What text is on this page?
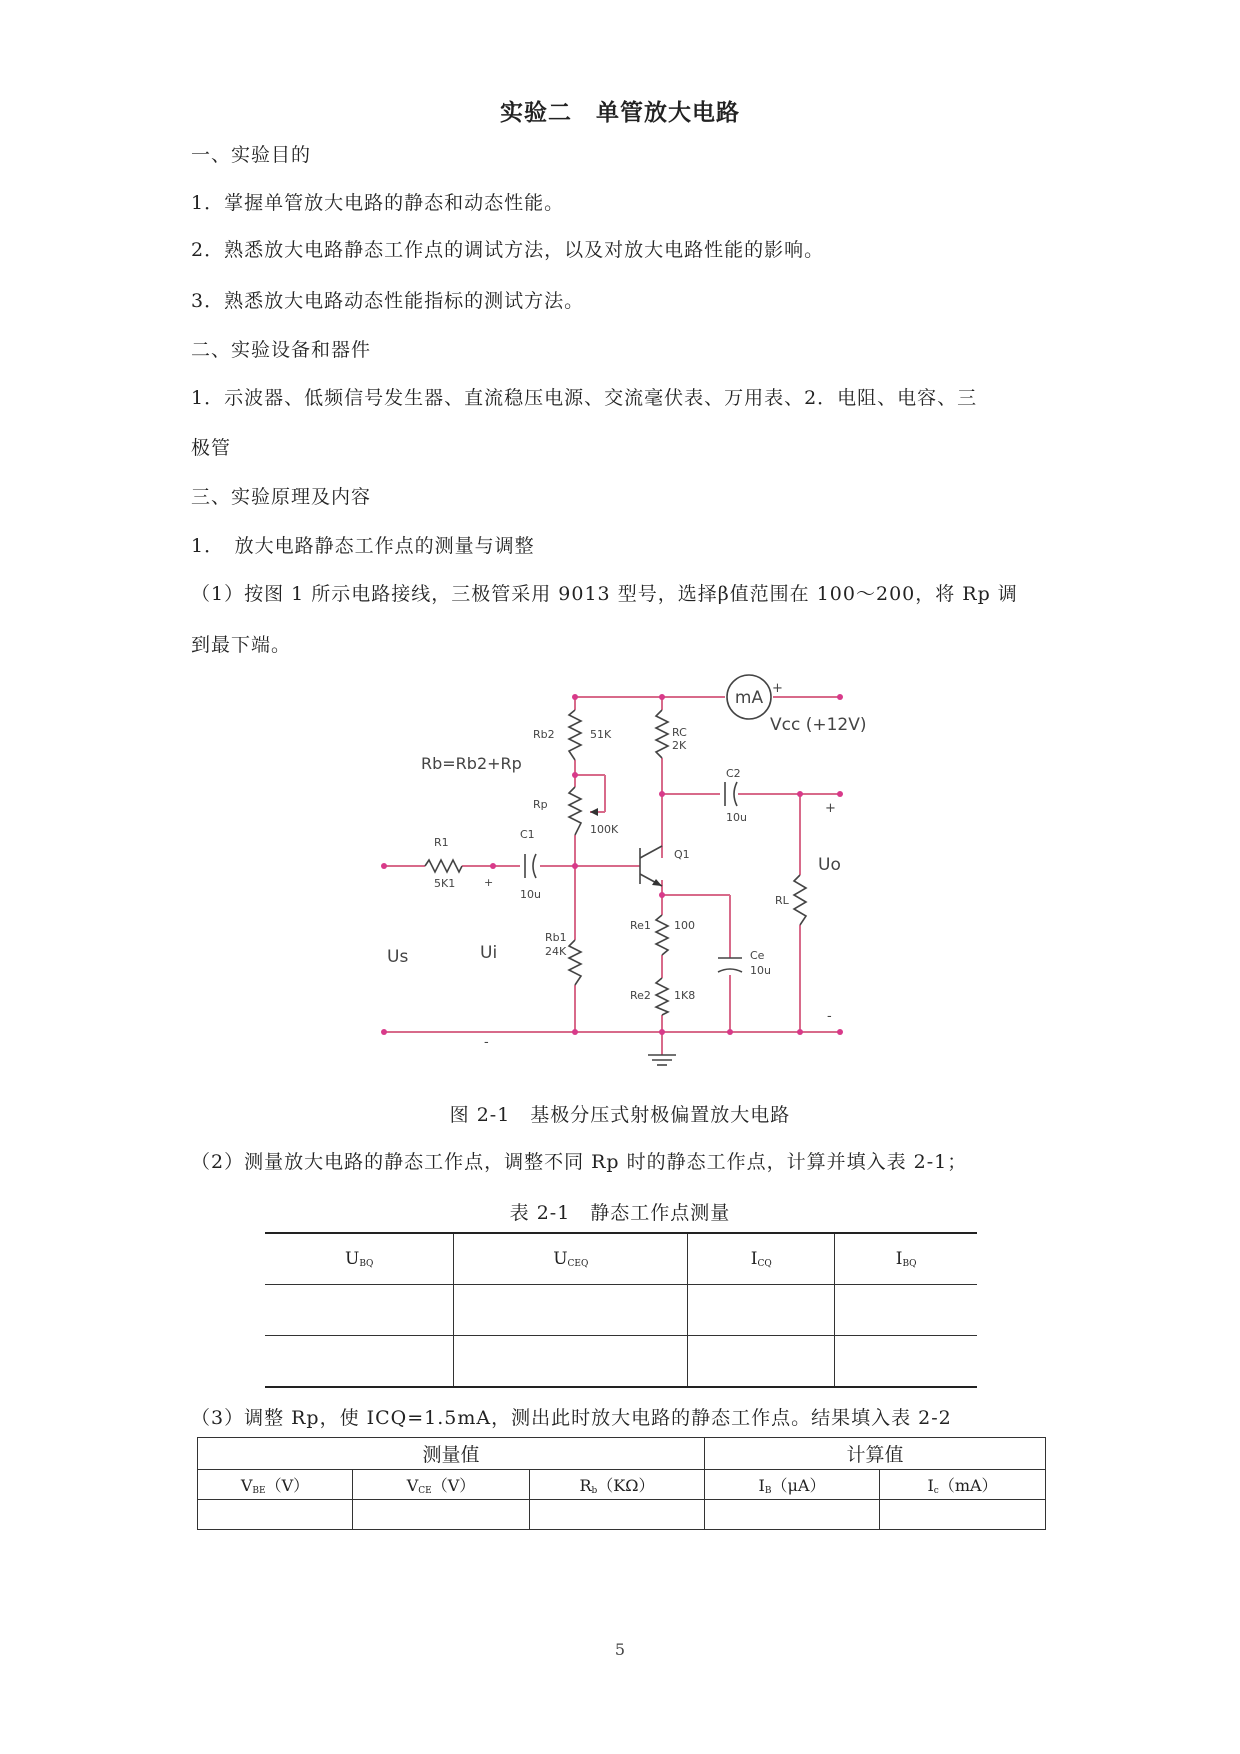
实验二　单管放大电路
一、实验目的
1．掌握单管放大电路的静态和动态性能。
2．熟悉放大电路静态工作点的调试方法，以及对放大电路性能的影响。
3．熟悉放大电路动态性能指标的测试方法。
二、实验设备和器件
1．示波器、低频信号发生器、直流稳压电源、交流毫伏表、万用表、2．电阻、电容、三
极管
三、实验原理及内容
1．　放大电路静态工作点的测量与调整
（1）按图 1 所示电路接线，三极管采用 9013 型号，选择β值范围在 100～200，将 Rp 调
到最下端。
mA +
Vcc (+12V)
Rb=Rb2+Rp
Rb2	51K
Rp
100K
RC
2K
C2
10u
R1
5K1
C1
10u
Q1
Rb1
24K
Re1 100
Re2 1K8
Ce
10u
RL
Uo
Us	Ui
+
-
+
-
图 2-1　基极分压式射极偏置放大电路
（2）测量放大电路的静态工作点，调整不同 Rp 时的静态工作点，计算并填入表 2-1；
表 2-1　静态工作点测量
$U_{BQ}$	$U_{CEQ}$	$I_{CQ}$	$I_{BQ}$

（3）调整 Rp，使 ICQ=1.5mA，测出此时放大电路的静态工作点。结果填入表 2-2
测量值			计算值	
$V_{BE}(V)$	$V_{CE}(V)$	$R_b(K\Omega)$	$I_B(\mu A)$	$I_c(mA)$

5
